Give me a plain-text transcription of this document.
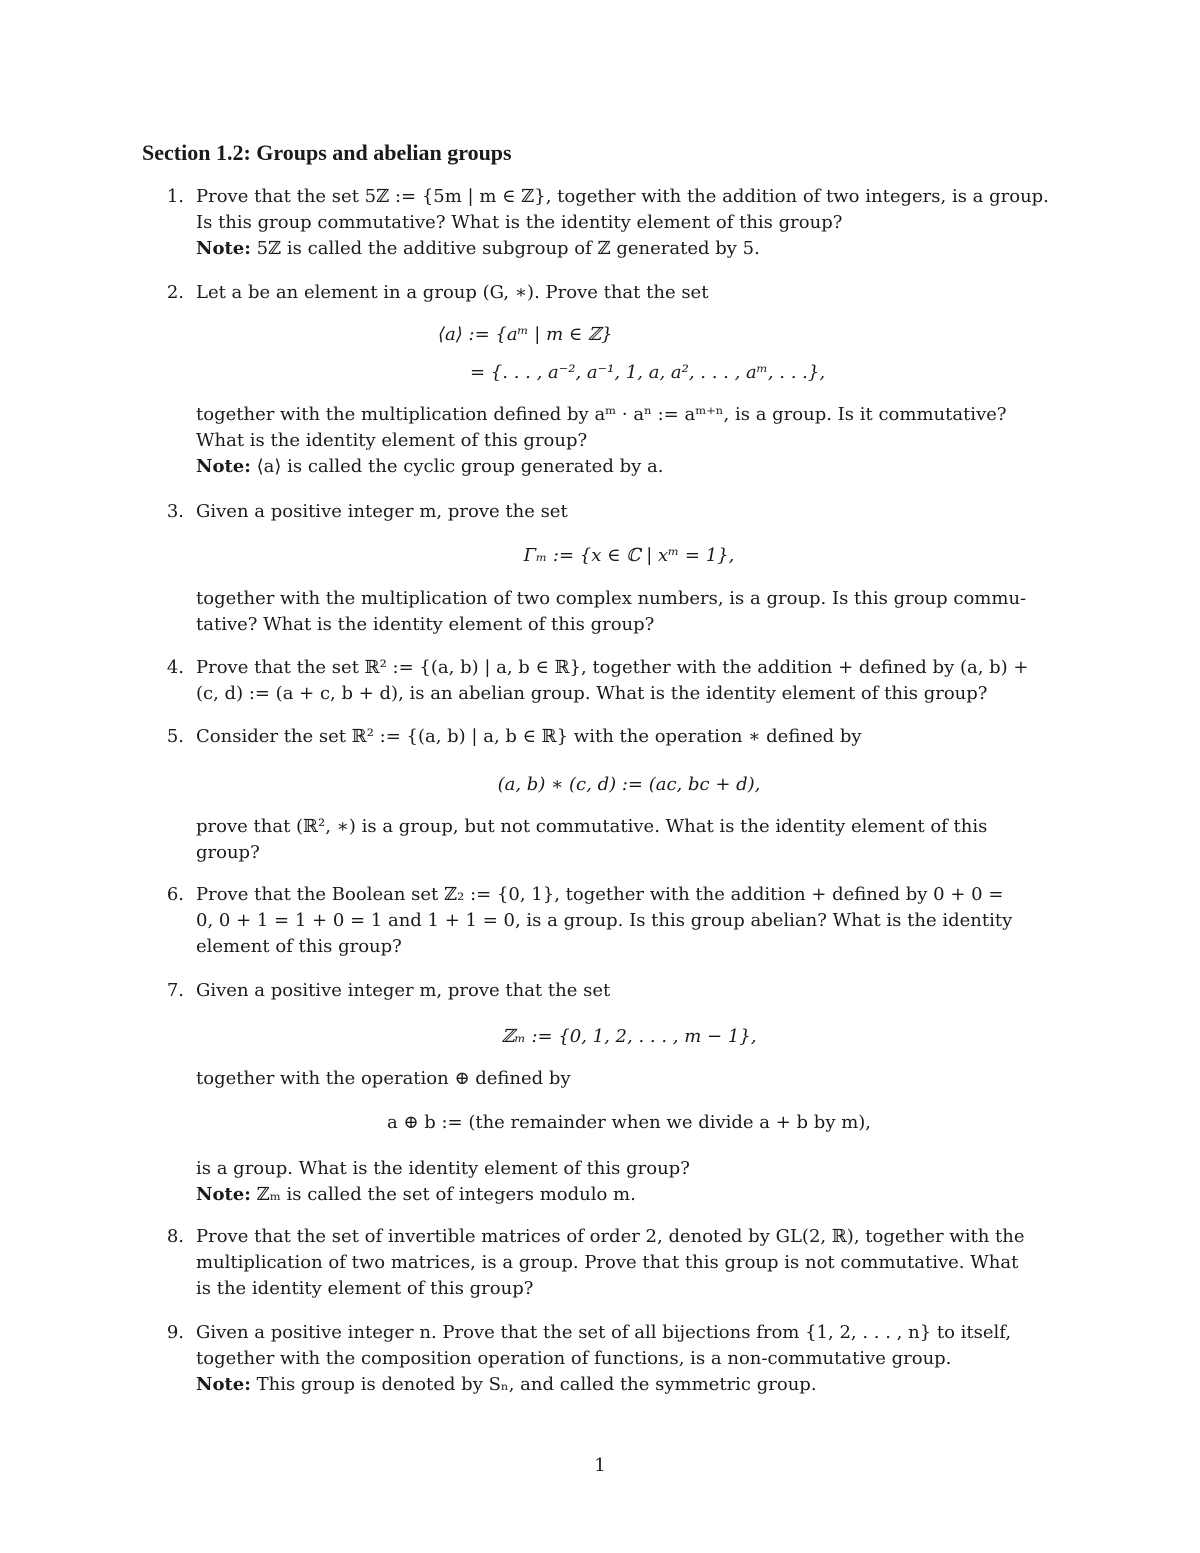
Section 1.2: Groups and abelian groups
1. Prove that the set 5ℤ := {5m | m ∈ ℤ}, together with the addition of two integers, is a group.

Is this group commutative? What is the identity element of this group?

Note: 5ℤ is called the additive subgroup of ℤ generated by 5.

2. Let a be an element in a group (G, ∗). Prove that the set

⟨a⟩ := {aᵐ | m ∈ ℤ}
= {. . . , a⁻², a⁻¹, 1, a, a², . . . , aᵐ, . . .},

together with the multiplication defined by aᵐ · aⁿ := aᵐ⁺ⁿ, is a group. Is it commutative?

What is the identity element of this group?

Note: ⟨a⟩ is called the cyclic group generated by a.

3. Given a positive integer m, prove the set

Γₘ := {x ∈ ℂ | xᵐ = 1},

together with the multiplication of two complex numbers, is a group. Is this group commu-

tative? What is the identity element of this group?

4. Prove that the set ℝ² := {(a, b) | a, b ∈ ℝ}, together with the addition + defined by (a, b) +

(c, d) := (a + c, b + d), is an abelian group. What is the identity element of this group?

5. Consider the set ℝ² := {(a, b) | a, b ∈ ℝ} with the operation ∗ defined by

(a, b) ∗ (c, d) := (ac, bc + d),

prove that (ℝ², ∗) is a group, but not commutative. What is the identity element of this

group?

6. Prove that the Boolean set ℤ₂ := {0, 1}, together with the addition + defined by 0 + 0 =

0, 0 + 1 = 1 + 0 = 1 and 1 + 1 = 0, is a group. Is this group abelian? What is the identity

element of this group?

7. Given a positive integer m, prove that the set

ℤₘ := {0, 1, 2, . . . , m − 1},

together with the operation ⊕ defined by

a ⊕ b := (the remainder when we divide a + b by m),

is a group. What is the identity element of this group?

Note: ℤₘ is called the set of integers modulo m.

8. Prove that the set of invertible matrices of order 2, denoted by GL(2, ℝ), together with the

multiplication of two matrices, is a group. Prove that this group is not commutative. What

is the identity element of this group?

9. Given a positive integer n. Prove that the set of all bijections from {1, 2, . . . , n} to itself,

together with the composition operation of functions, is a non-commutative group.

Note: This group is denoted by Sₙ, and called the symmetric group.

1
